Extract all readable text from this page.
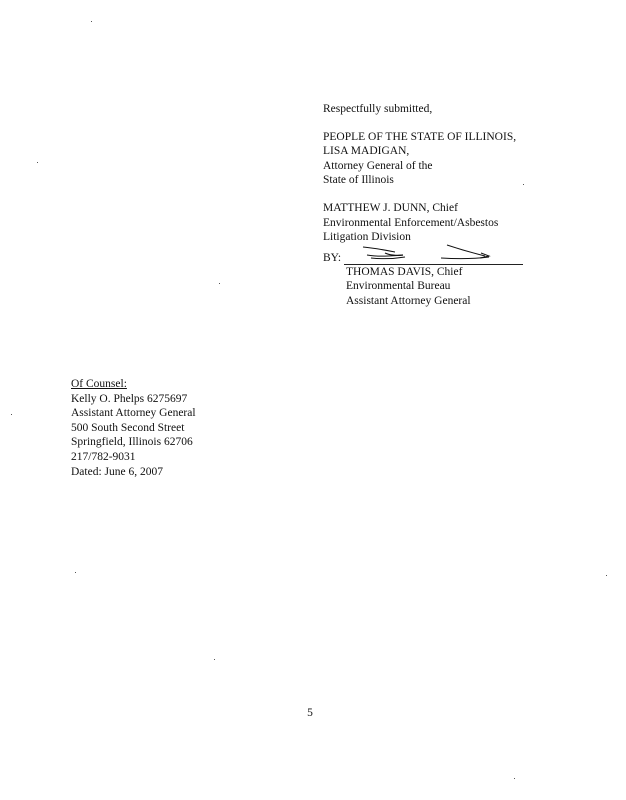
Respectfully submitted,
PEOPLE OF THE STATE OF ILLINOIS,
LISA MADIGAN,
Attorney General of the
State of Illinois
MATTHEW J. DUNN, Chief
Environmental Enforcement/Asbestos
Litigation Division
BY:
THOMAS DAVIS, Chief
Environmental Bureau
Assistant Attorney General
Of Counsel:
Kelly O. Phelps 6275697
Assistant Attorney General
500 South Second Street
Springfield, Illinois 62706
217/782-9031
Dated: June 6, 2007
5
